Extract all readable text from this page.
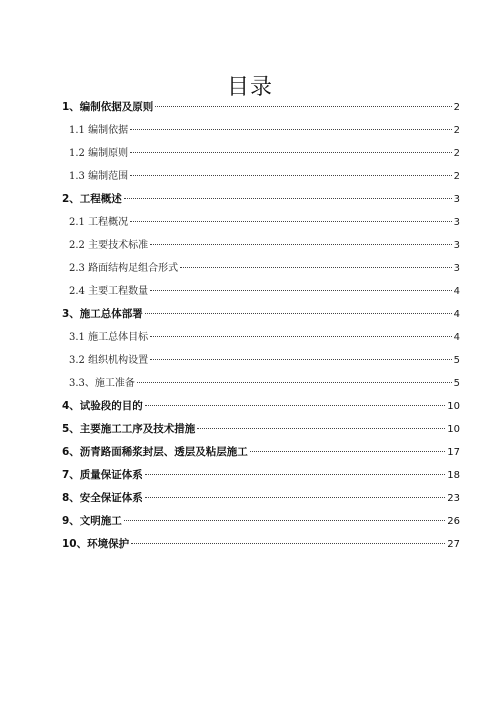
目录
1、编制依据及原则	2
1.1 编制依据	2
1.2 编制原则	2
1.3 编制范围	2
2、工程概述	3
2.1 工程概况	3
2.2 主要技术标准	3
2.3 路面结构足组合形式	3
2.4 主要工程数量	4
3、施工总体部署	4
3.1 施工总体目标	4
3.2 组织机构设置	5
3.3、施工准备	5
4、试验段的目的	10
5、主要施工工序及技术措施	10
6、沥青路面稀浆封层、透层及粘层施工	17
7、质量保证体系	18
8、安全保证体系	23
9、文明施工	26
10、环境保护	27
